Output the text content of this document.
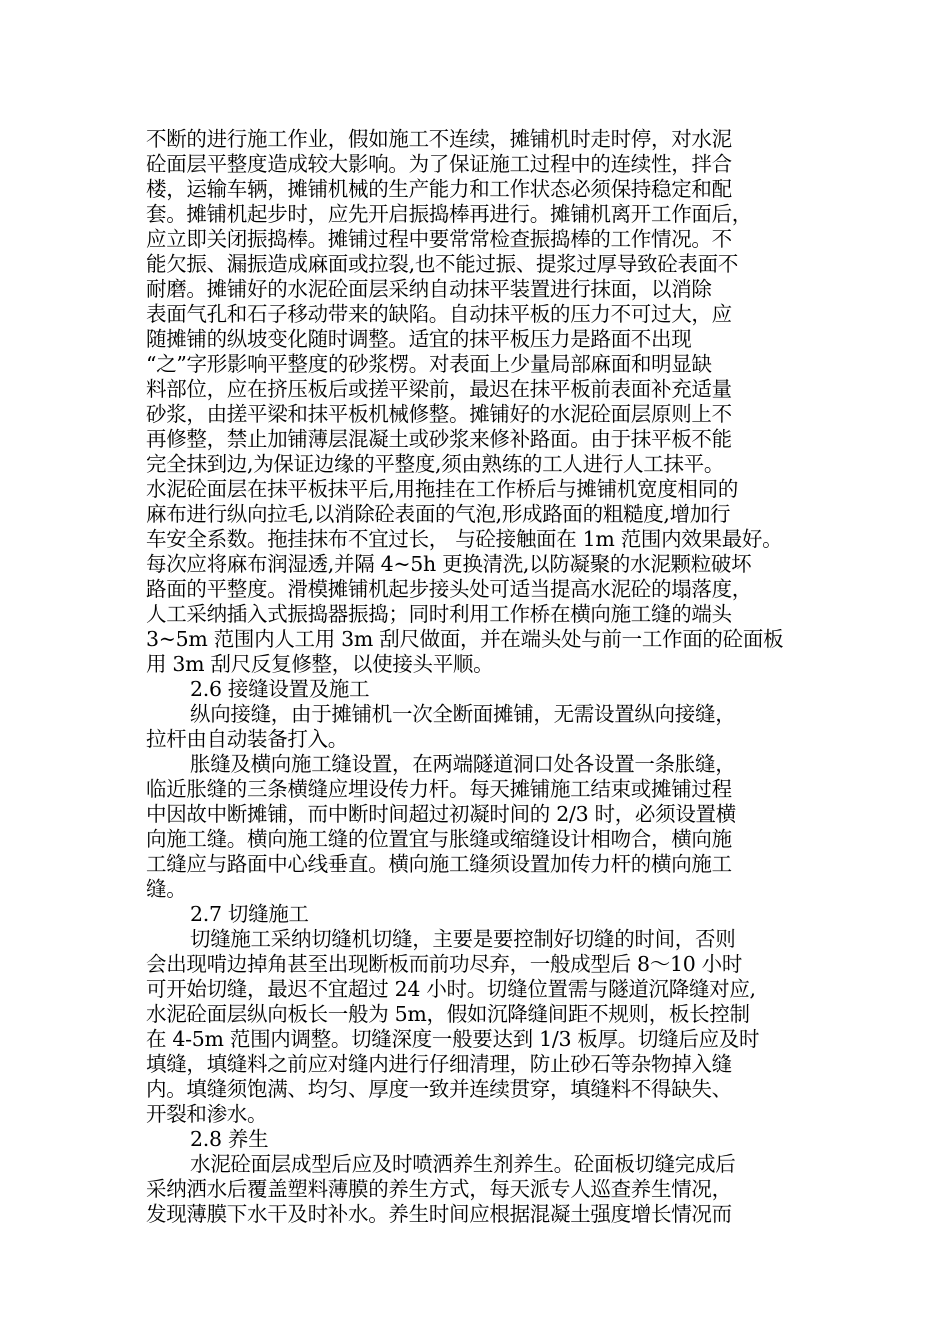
不断的进行施工作业，假如施工不连续，摊铺机时走时停，对水泥
砼面层平整度造成较大影响。为了保证施工过程中的连续性，拌合
楼，运输车辆，摊铺机械的生产能力和工作状态必须保持稳定和配
套。摊铺机起步时，应先开启振捣棒再进行。摊铺机离开工作面后，
应立即关闭振捣棒。摊铺过程中要常常检查振捣棒的工作情况。不
能欠振、漏振造成麻面或拉裂,也不能过振、提浆过厚导致砼表面不
耐磨。摊铺好的水泥砼面层采纳自动抹平装置进行抹面，以消除
表面气孔和石子移动带来的缺陷。自动抹平板的压力不可过大，应
随摊铺的纵坡变化随时调整。适宜的抹平板压力是路面不出现
“之”字形影响平整度的砂浆楞。对表面上少量局部麻面和明显缺
料部位，应在挤压板后或搓平梁前，最迟在抹平板前表面补充适量
砂浆，由搓平梁和抹平板机械修整。摊铺好的水泥砼面层原则上不
再修整，禁止加铺薄层混凝土或砂浆来修补路面。由于抹平板不能
完全抹到边,为保证边缘的平整度,须由熟练的工人进行人工抹平。
水泥砼面层在抹平板抹平后,用拖挂在工作桥后与摊铺机宽度相同的
麻布进行纵向拉毛,以消除砼表面的气泡,形成路面的粗糙度,增加行
车安全系数。拖挂抹布不宜过长， 与砼接触面在 1m 范围内效果最好。
每次应将麻布润湿透,并隔 4~5h 更换清洗,以防凝聚的水泥颗粒破坏
路面的平整度。滑模摊铺机起步接头处可适当提高水泥砼的塌落度，
人工采纳插入式振捣器振捣；同时利用工作桥在横向施工缝的端头
3~5m 范围内人工用 3m 刮尺做面，并在端头处与前一工作面的砼面板
用 3m 刮尺反复修整，以使接头平顺。
2.6 接缝设置及施工
纵向接缝，由于摊铺机一次全断面摊铺，无需设置纵向接缝，
拉杆由自动装备打入。
胀缝及横向施工缝设置，在两端隧道洞口处各设置一条胀缝，
临近胀缝的三条横缝应埋设传力杆。每天摊铺施工结束或摊铺过程
中因故中断摊铺，而中断时间超过初凝时间的 2/3 时，必须设置横
向施工缝。横向施工缝的位置宜与胀缝或缩缝设计相吻合，横向施
工缝应与路面中心线垂直。横向施工缝须设置加传力杆的横向施工
缝。
2.7 切缝施工
切缝施工采纳切缝机切缝，主要是要控制好切缝的时间，否则
会出现啃边掉角甚至出现断板而前功尽弃，一般成型后 8～10 小时
可开始切缝，最迟不宜超过 24 小时。切缝位置需与隧道沉降缝对应,
水泥砼面层纵向板长一般为 5m，假如沉降缝间距不规则，板长控制
在 4-5m 范围内调整。切缝深度一般要达到 1/3 板厚。切缝后应及时
填缝，填缝料之前应对缝内进行仔细清理，防止砂石等杂物掉入缝
内。填缝须饱满、均匀、厚度一致并连续贯穿，填缝料不得缺失、
开裂和渗水。
2.8 养生
水泥砼面层成型后应及时喷洒养生剂养生。砼面板切缝完成后
采纳洒水后覆盖塑料薄膜的养生方式，每天派专人巡查养生情况，
发现薄膜下水干及时补水。养生时间应根据混凝土强度增长情况而
